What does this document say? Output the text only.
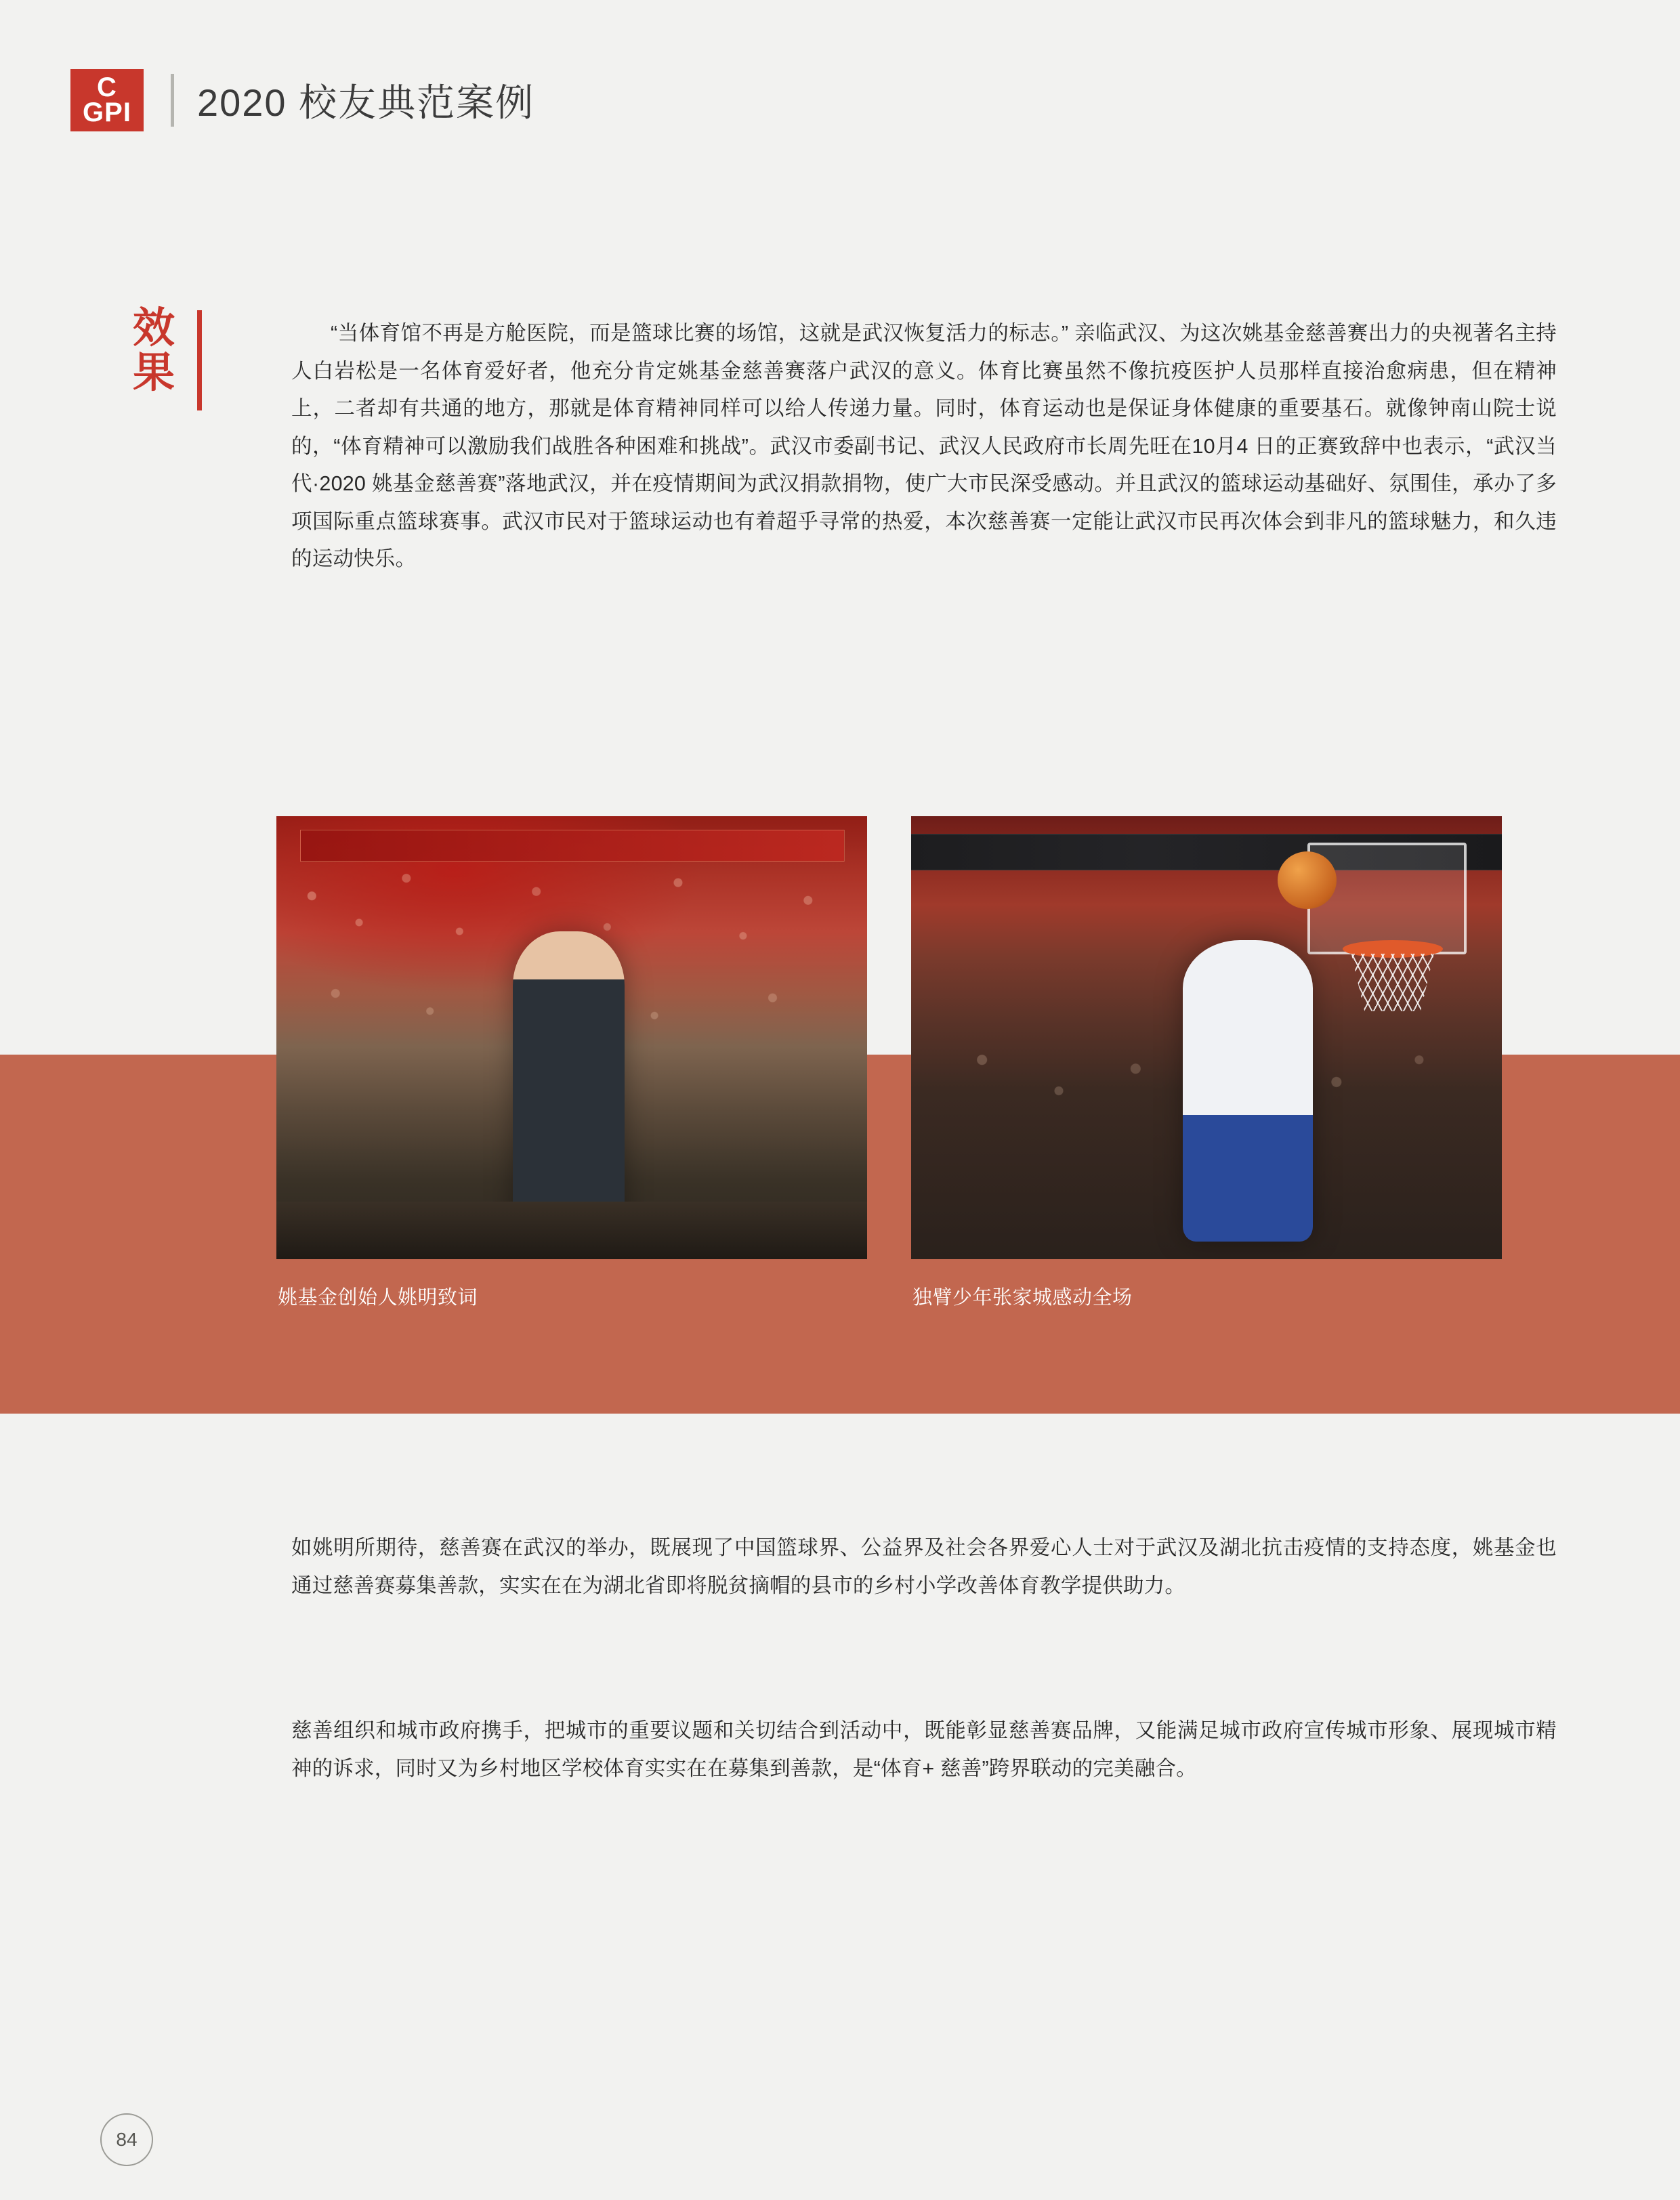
C
GPI 2020 校友典范案例
效
果
“当体育馆不再是方舱医院，而是篮球比赛的场馆，这就是武汉恢复活力的标志。” 亲临武汉、为这次姚基金慈善赛出力的央视著名主持人白岩松是一名体育爱好者，他充分肯定姚基金慈善赛落户武汉的意义。体育比赛虽然不像抗疫医护人员那样直接治愈病患，但在精神上，二者却有共通的地方，那就是体育精神同样可以给人传递力量。同时，体育运动也是保证身体健康的重要基石。就像钟南山院士说的，“体育精神可以激励我们战胜各种困难和挑战”。武汉市委副书记、武汉人民政府市长周先旺在10月4 日的正赛致辞中也表示，“武汉当代·2020 姚基金慈善赛”落地武汉，并在疫情期间为武汉捐款捐物，使广大市民深受感动。并且武汉的篮球运动基础好、氛围佳，承办了多项国际重点篮球赛事。武汉市民对于篮球运动也有着超乎寻常的热爱，本次慈善赛一定能让武汉市民再次体会到非凡的篮球魅力，和久违的运动快乐。
姚基金创始人姚明致词	独臂少年张家城感动全场
如姚明所期待，慈善赛在武汉的举办，既展现了中国篮球界、公益界及社会各界爱心人士对于武汉及湖北抗击疫情的支持态度，姚基金也通过慈善赛募集善款，实实在在为湖北省即将脱贫摘帽的县市的乡村小学改善体育教学提供助力。
慈善组织和城市政府携手，把城市的重要议题和关切结合到活动中，既能彰显慈善赛品牌，又能满足城市政府宣传城市形象、展现城市精神的诉求，同时又为乡村地区学校体育实实在在募集到善款，是“体育+ 慈善”跨界联动的完美融合。
84
